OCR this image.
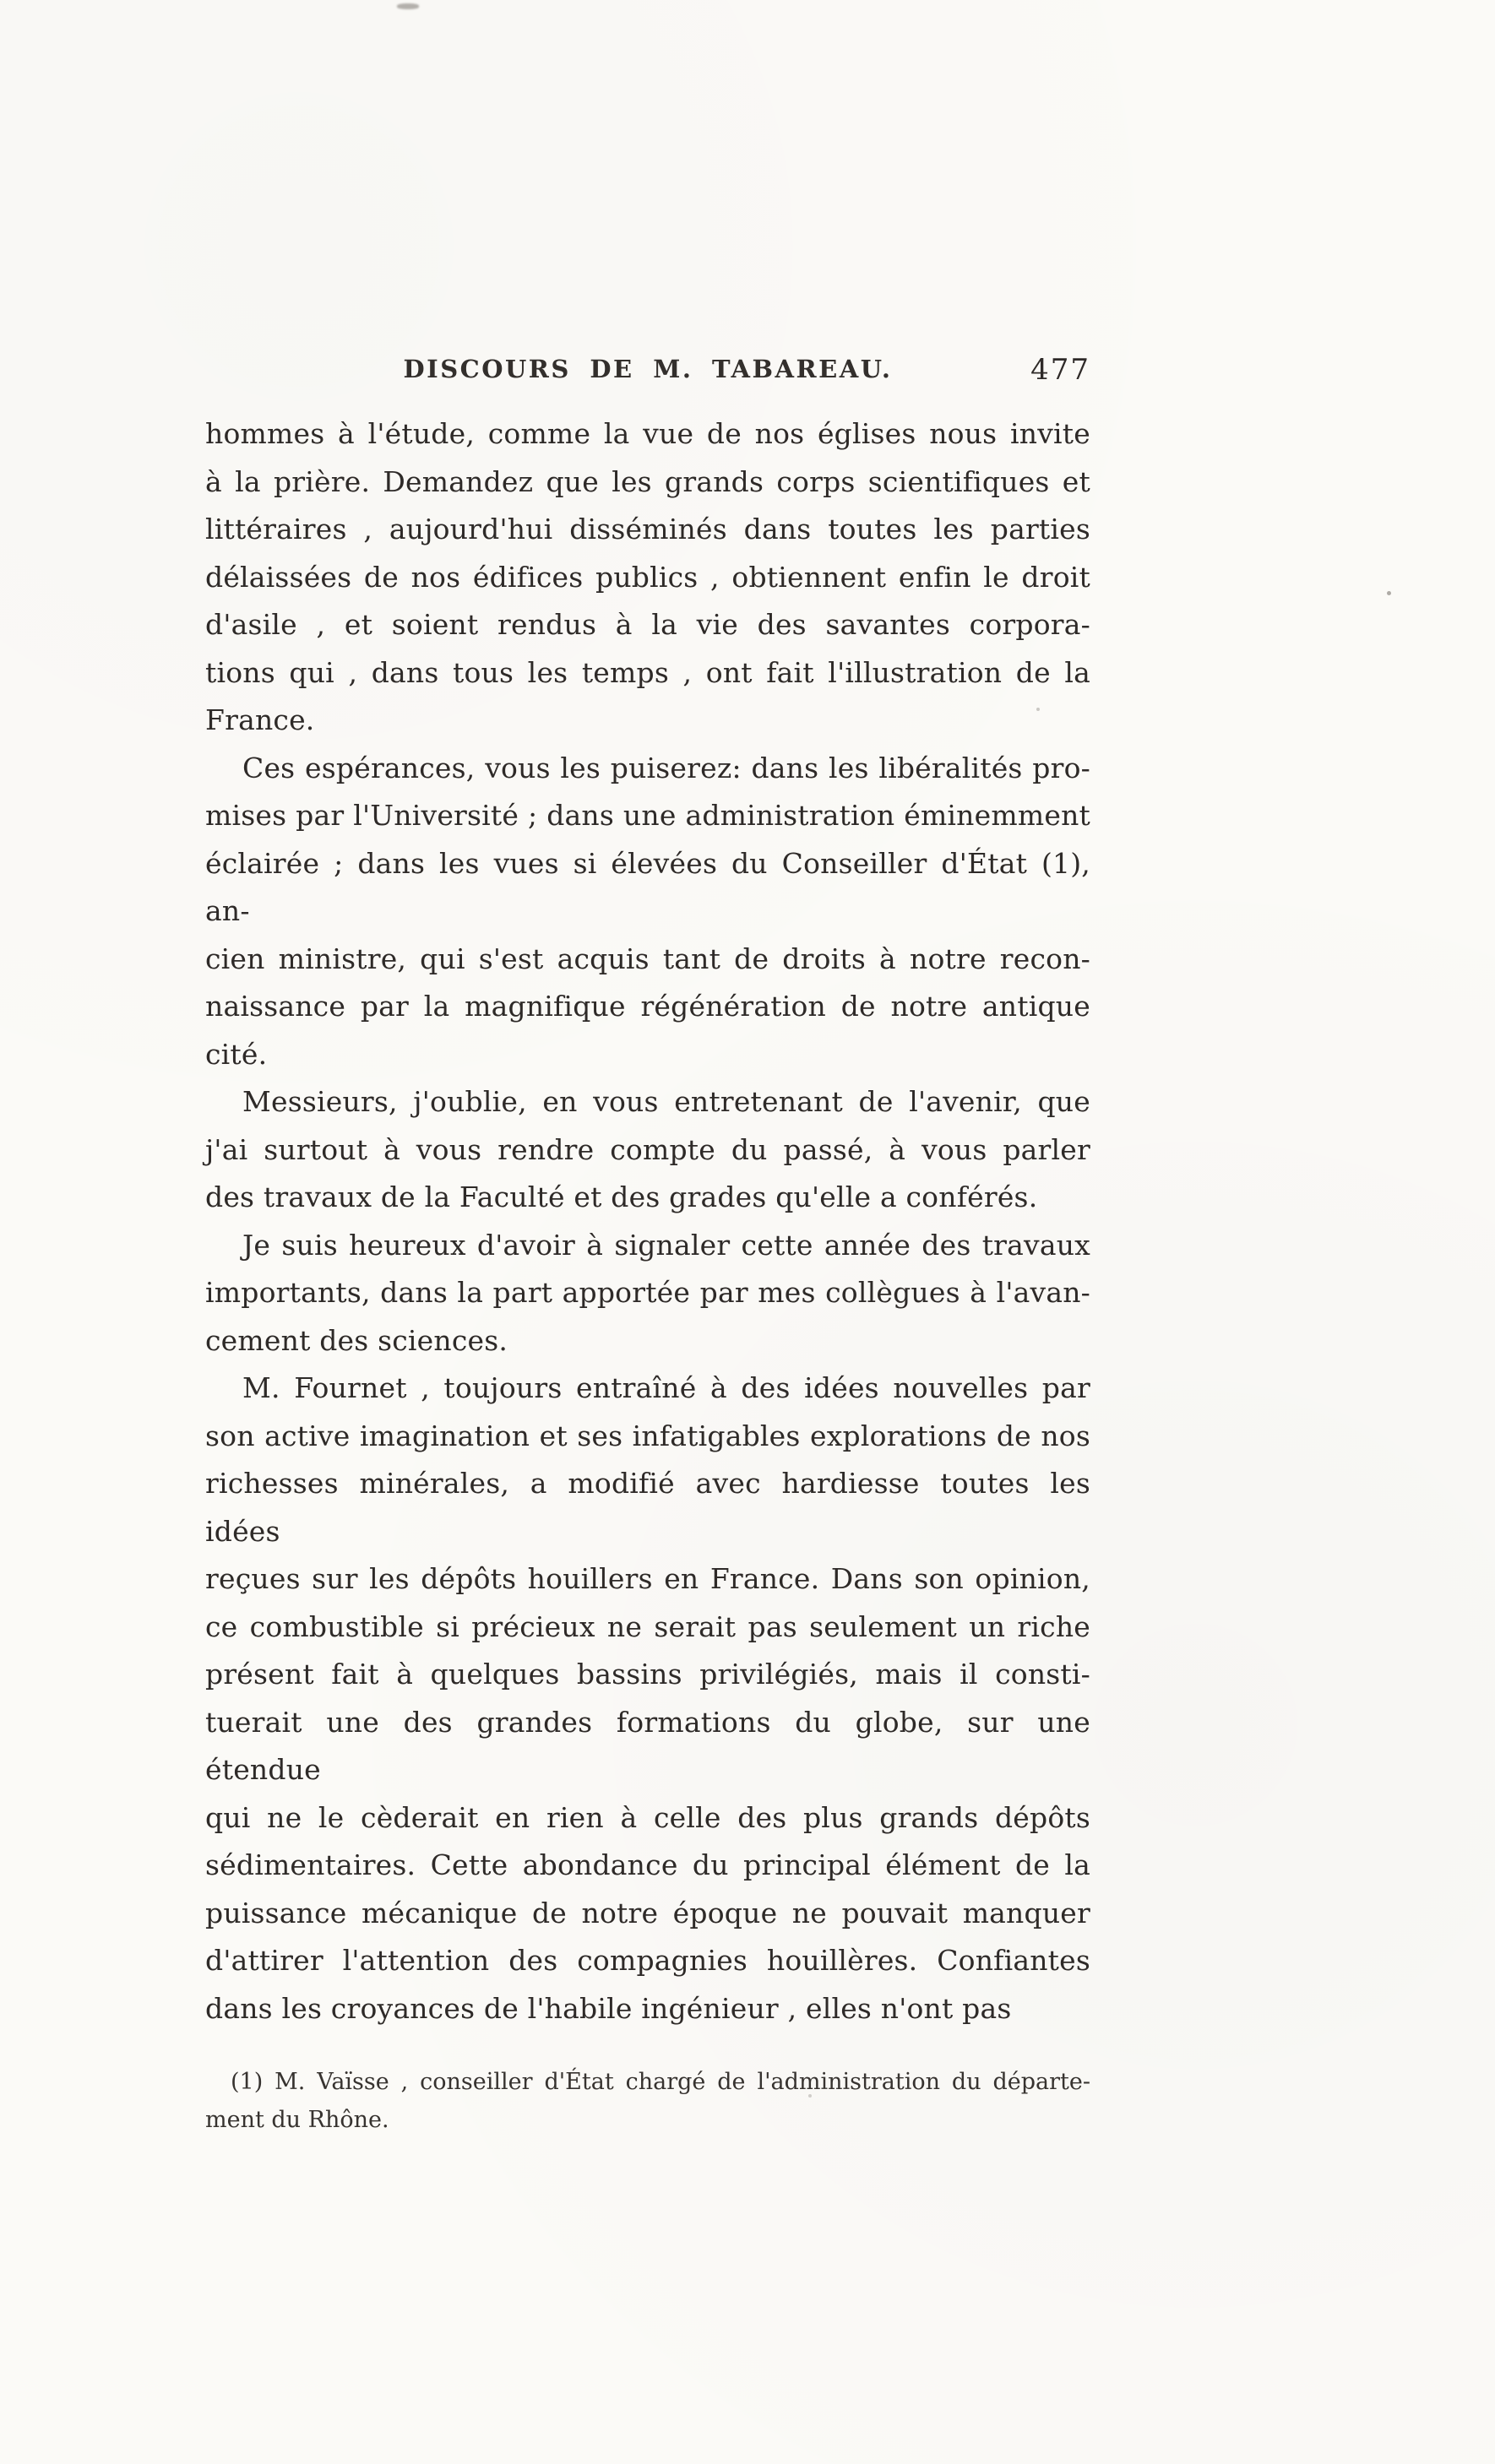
DISCOURS DE M. TABAREAU.	477
hommes à l'étude, comme la vue de nos églises nous invite
à la prière. Demandez que les grands corps scientifiques et
littéraires , aujourd'hui disséminés dans toutes les parties
délaissées de nos édifices publics , obtiennent enfin le droit
d'asile , et soient rendus à la vie des savantes corpora-
tions qui , dans tous les temps , ont fait l'illustration de la
France.
Ces espérances, vous les puiserez: dans les libéralités pro-
mises par l'Université ; dans une administration éminemment
éclairée ; dans les vues si élevées du Conseiller d'État (1), an-
cien ministre, qui s'est acquis tant de droits à notre recon-
naissance par la magnifique régénération de notre antique
cité.
Messieurs, j'oublie, en vous entretenant de l'avenir, que
j'ai surtout à vous rendre compte du passé, à vous parler
des travaux de la Faculté et des grades qu'elle a conférés.
Je suis heureux d'avoir à signaler cette année des travaux
importants, dans la part apportée par mes collègues à l'avan-
cement des sciences.
M. Fournet , toujours entraîné à des idées nouvelles par
son active imagination et ses infatigables explorations de nos
richesses minérales, a modifié avec hardiesse toutes les idées
reçues sur les dépôts houillers en France. Dans son opinion,
ce combustible si précieux ne serait pas seulement un riche
présent fait à quelques bassins privilégiés, mais il consti-
tuerait une des grandes formations du globe, sur une étendue
qui ne le cèderait en rien à celle des plus grands dépôts
sédimentaires. Cette abondance du principal élément de la
puissance mécanique de notre époque ne pouvait manquer
d'attirer l'attention des compagnies houillères. Confiantes
dans les croyances de l'habile ingénieur , elles n'ont pas
(1) M. Vaïsse , conseiller d'État chargé de l'administration du départe-
ment du Rhône.
